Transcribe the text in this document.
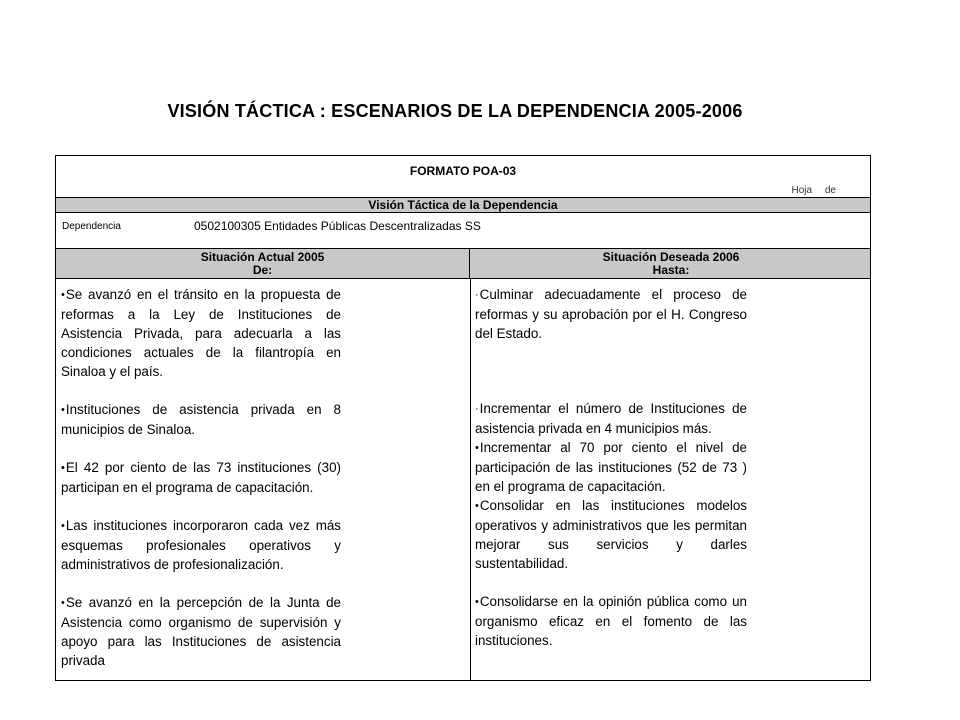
VISIÓN TÁCTICA : ESCENARIOS DE LA DEPENDENCIA 2005-2006
FORMATO POA-03
Hoja de
Visión Táctica de la Dependencia
Dependencia	0502100305 Entidades Públicas Descentralizadas SS
Situación Actual 2005
De:
Situación Deseada 2006
Hasta:
•Se avanzó en el tránsito en la propuesta de reformas a la Ley de Instituciones de Asistencia Privada, para adecuarla a las condiciones actuales de la filantropía en Sinaloa y el país.
•Instituciones de asistencia privada en 8 municipios de Sinaloa.
•El 42 por ciento de las 73 instituciones (30) participan en el programa de capacitación.
•Las instituciones incorporaron cada vez más esquemas profesionales operativos y administrativos de profesionalización.
•Se avanzó en la percepción de la Junta de Asistencia como organismo de supervisión y apoyo para las Instituciones de asistencia privada
·Culminar adecuadamente el proceso de reformas y su aprobación por el H. Congreso del Estado.
·Incrementar el número de Instituciones de asistencia privada en 4 municipios más.
•Incrementar al 70 por ciento el nivel de participación de las instituciones (52 de 73 ) en el programa de capacitación.
•Consolidar en las instituciones modelos operativos y administrativos que les permitan mejorar sus servicios y darles sustentabilidad.
•Consolidarse en la opinión pública como un organismo eficaz en el fomento de las instituciones.
